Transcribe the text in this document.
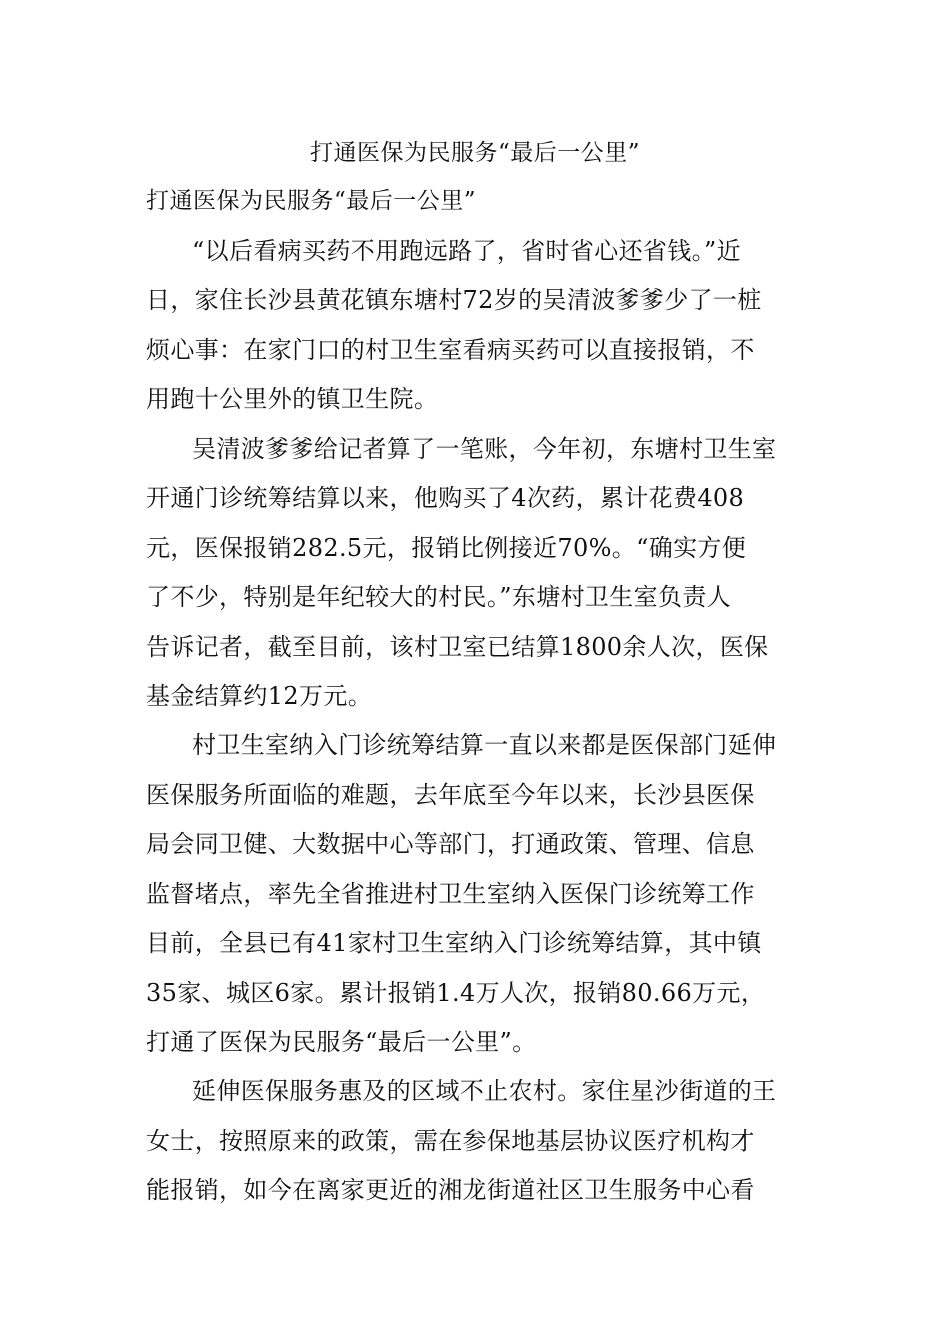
打通医保为民服务“最后一公里”
打通医保为民服务“最后一公里”
“以后看病买药不用跑远路了，省时省心还省钱。”近
日，家住长沙县黄花镇东塘村72岁的吴清波爹爹少了一桩
烦心事：在家门口的村卫生室看病买药可以直接报销，不
用跑十公里外的镇卫生院。
吴清波爹爹给记者算了一笔账，今年初，东塘村卫生室
开通门诊统筹结算以来，他购买了4次药，累计花费408
元，医保报销282.5元，报销比例接近70%。“确实方便
了不少，特别是年纪较大的村民。”东塘村卫生室负责人
告诉记者，截至目前，该村卫室已结算1800余人次，医保
基金结算约12万元。
村卫生室纳入门诊统筹结算一直以来都是医保部门延伸
医保服务所面临的难题，去年底至今年以来，长沙县医保
局会同卫健、大数据中心等部门，打通政策、管理、信息
监督堵点，率先全省推进村卫生室纳入医保门诊统筹工作
目前，全县已有41家村卫生室纳入门诊统筹结算，其中镇
35家、城区6家。累计报销1.4万人次，报销80.66万元，
打通了医保为民服务“最后一公里”。
延伸医保服务惠及的区域不止农村。家住星沙街道的王
女士，按照原来的政策，需在参保地基层协议医疗机构才
能报销，如今在离家更近的湘龙街道社区卫生服务中心看
